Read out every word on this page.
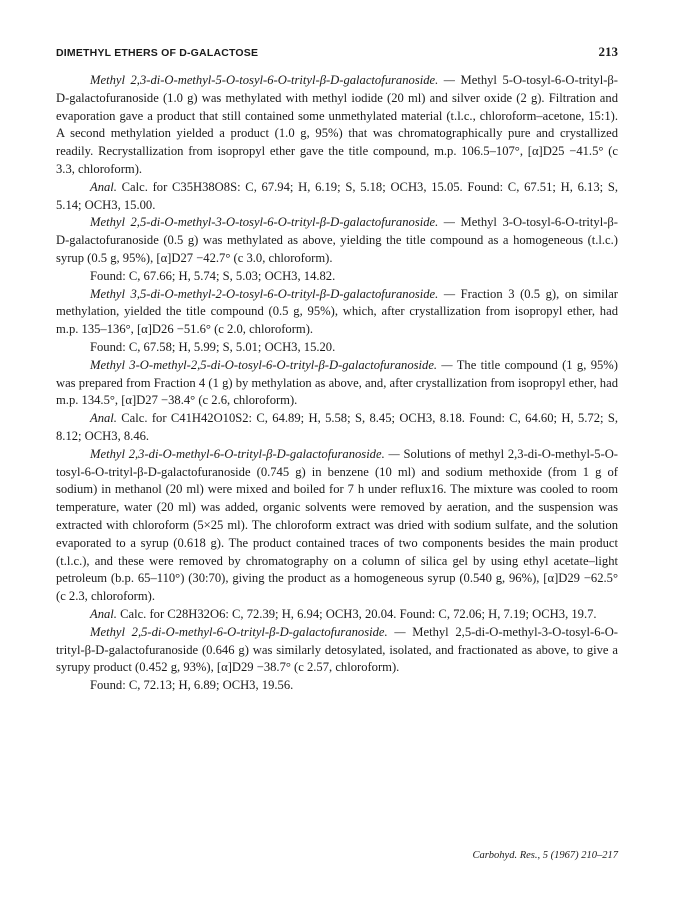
DIMETHYL ETHERS OF D-GALACTOSE	213

Methyl 2,3-di-O-methyl-5-O-tosyl-6-O-trityl-β-D-galactofuranoside. — Methyl 5-O-tosyl-6-O-trityl-β-D-galactofuranoside (1.0 g) was methylated with methyl iodide (20 ml) and silver oxide (2 g). Filtration and evaporation gave a product that still contained some unmethylated material (t.l.c., chloroform–acetone, 15:1). A second methylation yielded a product (1.0 g, 95%) that was chromatographically pure and crystallized readily. Recrystallization from isopropyl ether gave the title compound, m.p. 106.5–107°, [α]D25 −41.5° (c 3.3, chloroform).

Anal. Calc. for C35H38O8S: C, 67.94; H, 6.19; S, 5.18; OCH3, 15.05. Found: C, 67.51; H, 6.13; S, 5.14; OCH3, 15.00.

Methyl 2,5-di-O-methyl-3-O-tosyl-6-O-trityl-β-D-galactofuranoside. — Methyl 3-O-tosyl-6-O-trityl-β-D-galactofuranoside (0.5 g) was methylated as above, yielding the title compound as a homogeneous (t.l.c.) syrup (0.5 g, 95%), [α]D27 −42.7° (c 3.0, chloroform).

Found: C, 67.66; H, 5.74; S, 5.03; OCH3, 14.82.

Methyl 3,5-di-O-methyl-2-O-tosyl-6-O-trityl-β-D-galactofuranoside. — Fraction 3 (0.5 g), on similar methylation, yielded the title compound (0.5 g, 95%), which, after crystallization from isopropyl ether, had m.p. 135–136°, [α]D26 −51.6° (c 2.0, chloroform).

Found: C, 67.58; H, 5.99; S, 5.01; OCH3, 15.20.

Methyl 3-O-methyl-2,5-di-O-tosyl-6-O-trityl-β-D-galactofuranoside. — The title compound (1 g, 95%) was prepared from Fraction 4 (1 g) by methylation as above, and, after crystallization from isopropyl ether, had m.p. 134.5°, [α]D27 −38.4° (c 2.6, chloroform).

Anal. Calc. for C41H42O10S2: C, 64.89; H, 5.58; S, 8.45; OCH3, 8.18. Found: C, 64.60; H, 5.72; S, 8.12; OCH3, 8.46.

Methyl 2,3-di-O-methyl-6-O-trityl-β-D-galactofuranoside. — Solutions of methyl 2,3-di-O-methyl-5-O-tosyl-6-O-trityl-β-D-galactofuranoside (0.745 g) in benzene (10 ml) and sodium methoxide (from 1 g of sodium) in methanol (20 ml) were mixed and boiled for 7 h under reflux16. The mixture was cooled to room temperature, water (20 ml) was added, organic solvents were removed by aeration, and the suspension was extracted with chloroform (5×25 ml). The chloroform extract was dried with sodium sulfate, and the solution evaporated to a syrup (0.618 g). The product contained traces of two components besides the main product (t.l.c.), and these were removed by chromatography on a column of silica gel by using ethyl acetate–light petroleum (b.p. 65–110°) (30:70), giving the product as a homogeneous syrup (0.540 g, 96%), [α]D29 −62.5° (c 2.3, chloroform).

Anal. Calc. for C28H32O6: C, 72.39; H, 6.94; OCH3, 20.04. Found: C, 72.06; H, 7.19; OCH3, 19.7.

Methyl 2,5-di-O-methyl-6-O-trityl-β-D-galactofuranoside. — Methyl 2,5-di-O-methyl-3-O-tosyl-6-O-trityl-β-D-galactofuranoside (0.646 g) was similarly detosylated, isolated, and fractionated as above, to give a syrupy product (0.452 g, 93%), [α]D29 −38.7° (c 2.57, chloroform).

Found: C, 72.13; H, 6.89; OCH3, 19.56.

Carbohyd. Res., 5 (1967) 210–217
